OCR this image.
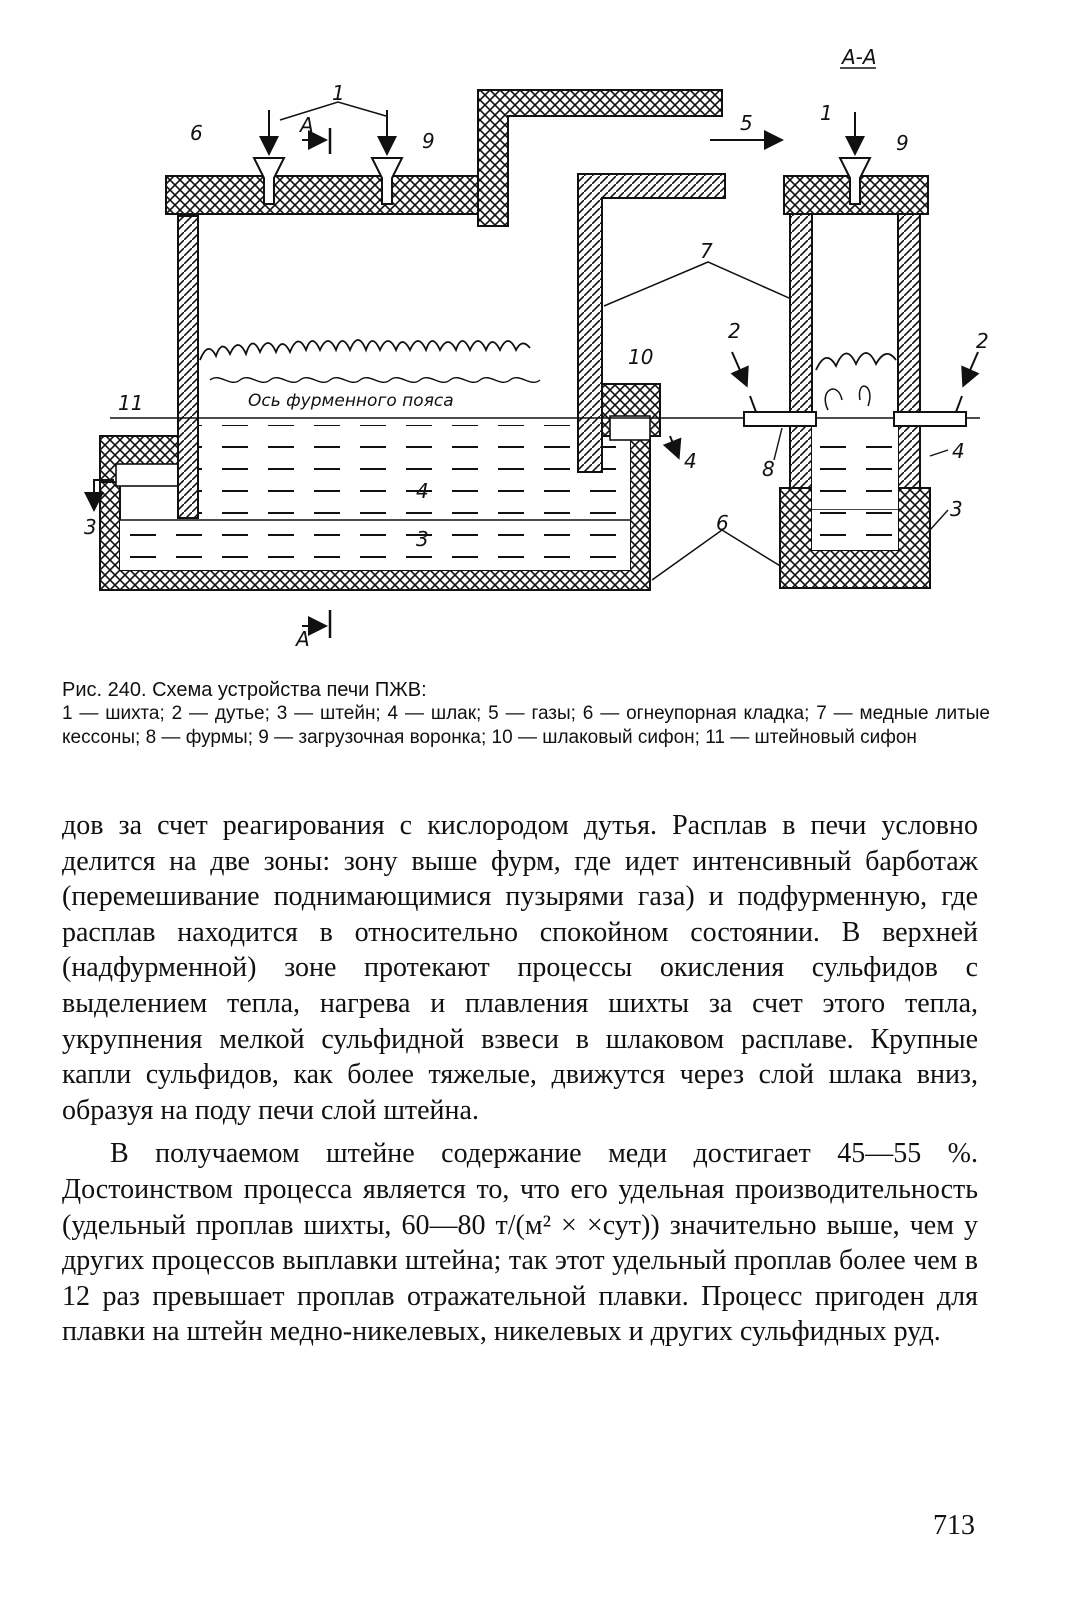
Ось фурменного пояса
1
1
2	2
3	3
3
4
4	4
5
6
6
7
8
9	9
10
11
А
А
А-А
Рис. 240. Схема устройства печи ПЖВ:
1 — шихта; 2 — дутье; 3 — штейн; 4 — шлак; 5 — газы; 6 — огнеупорная кладка; 7 — медные литые кессоны; 8 — фурмы; 9 — загрузочная воронка; 10 — шлаковый сифон; 11 — штейновый сифон

дов за счет реагирования с кислородом дутья. Расплав в печи условно делится на две зоны: зону выше фурм, где идет интенсивный барботаж (перемешивание поднимающимися пузырями газа) и подфурменную, где расплав находится в относительно спокойном состоянии. В верхней (надфурменной) зоне протекают процессы окисления сульфидов с выделением тепла, нагрева и плавления шихты за счет этого тепла, укрупнения мелкой сульфидной взвеси в шлаковом расплаве. Крупные капли сульфидов, как более тяжелые, движутся через слой шлака вниз, образуя на поду печи слой штейна.

В получаемом штейне содержание меди достигает 45—55 %. Достоинством процесса является то, что его удельная производительность (удельный проплав шихты, 60—80 т/(м² × ×сут)) значительно выше, чем у других процессов выплавки штейна; так этот удельный проплав более чем в 12 раз превышает проплав отражательной плавки. Процесс пригоден для плавки на штейн медно-никелевых, никелевых и других сульфидных руд.

713
